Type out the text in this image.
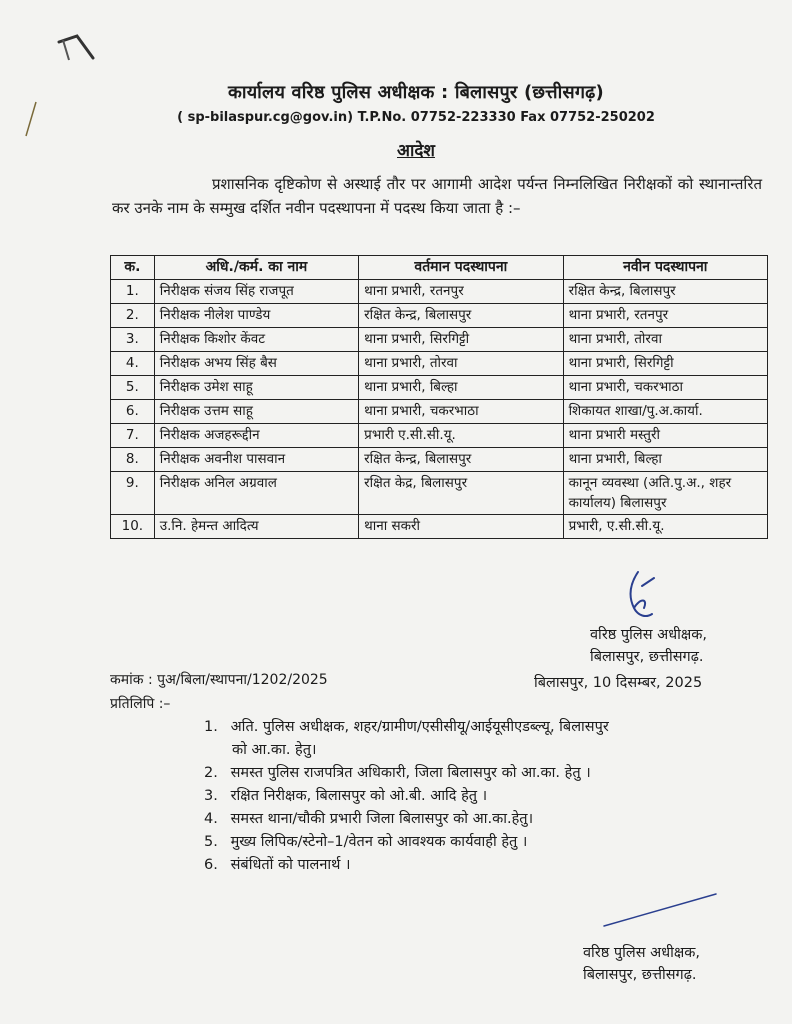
कार्यालय वरिष्ठ पुलिस अधीक्षक : बिलासपुर (छत्तीसगढ़)
( sp-bilaspur.cg@gov.in) T.P.No. 07752-223330 Fax 07752-250202
आदेश
प्रशासनिक दृष्टिकोण से अस्थाई तौर पर आगामी आदेश पर्यन्त निम्नलिखित निरीक्षकों को स्थानान्तरित कर उनके नाम के सम्मुख दर्शित नवीन पदस्थापना में पदस्थ किया जाता है :–
क.	अधि./कर्म. का नाम	वर्तमान पदस्थापना	नवीन पदस्थापना
1.	निरीक्षक संजय सिंह राजपूत	थाना प्रभारी, रतनपुर	रक्षित केन्द्र, बिलासपुर
2.	निरीक्षक नीलेश पाण्डेय	रक्षित केन्द्र, बिलासपुर	थाना प्रभारी, रतनपुर
3.	निरीक्षक किशोर केंवट	थाना प्रभारी, सिरगिट्टी	थाना प्रभारी, तोरवा
4.	निरीक्षक अभय सिंह बैस	थाना प्रभारी, तोरवा	थाना प्रभारी, सिरगिट्टी
5.	निरीक्षक उमेश साहू	थाना प्रभारी, बिल्हा	थाना प्रभारी, चकरभाठा
6.	निरीक्षक उत्तम साहू	थाना प्रभारी, चकरभाठा	शिकायत शाखा/पु.अ.कार्या.
7.	निरीक्षक अजहरूद्दीन	प्रभारी ए.सी.सी.यू.	थाना प्रभारी मस्तुरी
8.	निरीक्षक अवनीश पासवान	रक्षित केन्द्र, बिलासपुर	थाना प्रभारी, बिल्हा
9.	निरीक्षक अनिल अग्रवाल	रक्षित केद्र, बिलासपुर	कानून व्यवस्था (अति.पु.अ., शहर कार्यालय) बिलासपुर
10.	उ.नि. हेमन्त आदित्य	थाना सकरी	प्रभारी, ए.सी.सी.यू.
वरिष्ठ पुलिस अधीक्षक,
बिलासपुर, छत्तीसगढ़.
कमांक : पुअ/बिला/स्थापना/1202/2025	बिलासपुर, 10 दिसम्बर, 2025
प्रतिलिपि :–
1. अति. पुलिस अधीक्षक, शहर/ग्रामीण/एसीसीयू/आईयूसीएडब्ल्यू, बिलासपुर
को आ.का. हेतु।
2. समस्त पुलिस राजपत्रित अधिकारी, जिला बिलासपुर को आ.का. हेतु ।
3. रक्षित निरीक्षक, बिलासपुर को ओ.बी. आदि हेतु ।
4. समस्त थाना/चौकी प्रभारी जिला बिलासपुर को आ.का.हेतु।
5. मुख्य लिपिक/स्टेनो–1/वेतन को आवश्यक कार्यवाही हेतु ।
6. संबंधितों को पालनार्थ ।
वरिष्ठ पुलिस अधीक्षक,
बिलासपुर, छत्तीसगढ़.
